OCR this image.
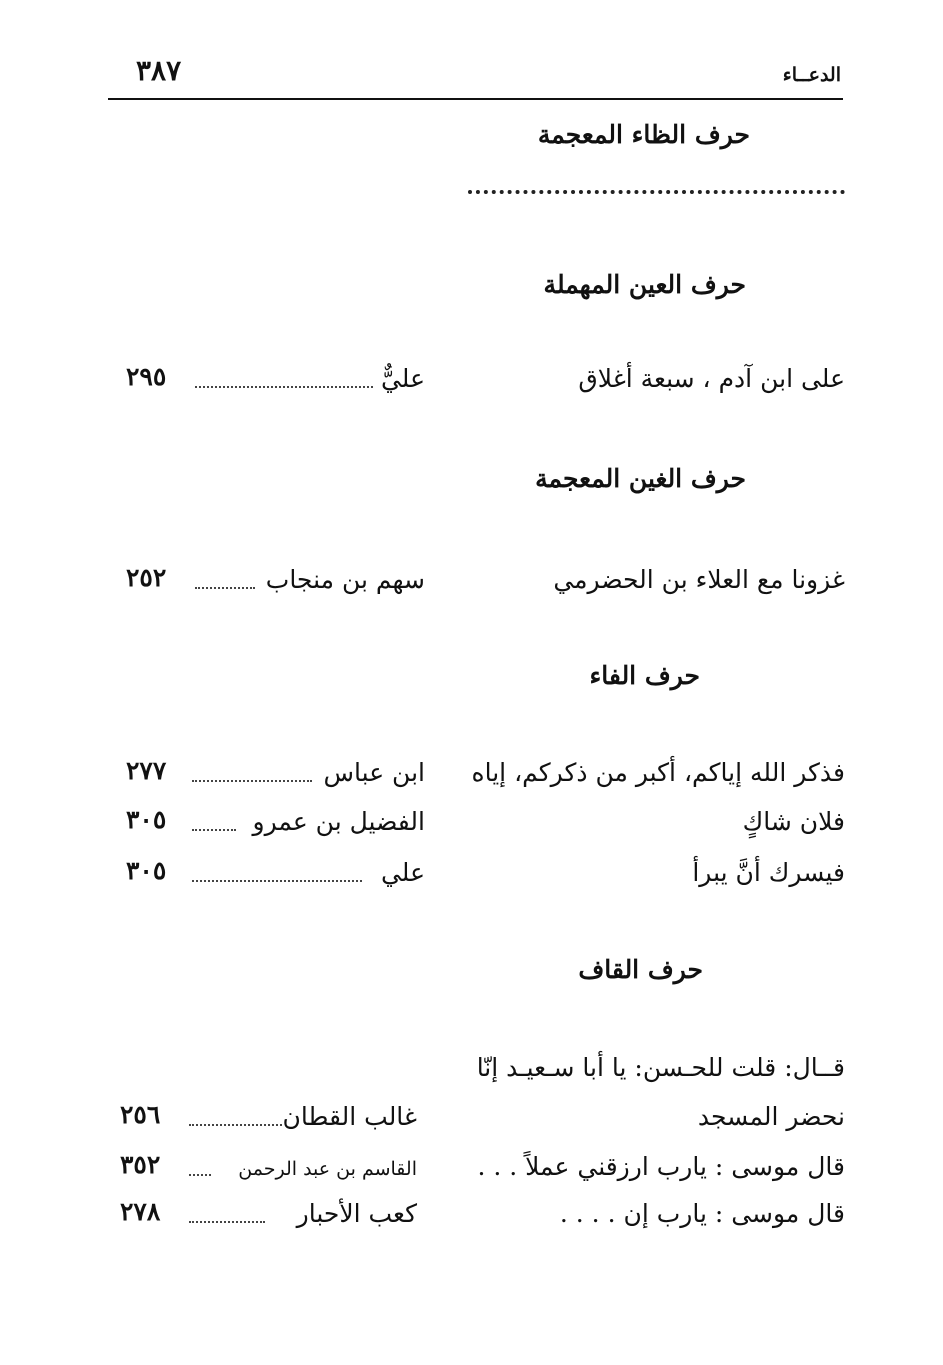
الدعــاء
٣٨٧
حرف الظاء المعجمة
حرف العين المهملة
على ابن آدم ، سبعة أغلاق
عليٌّ
٢٩٥
حرف الغين المعجمة
غزونا مع العلاء بن الحضرمي
سهم بن منجاب
٢٥٢
حرف الفاء
فذكر الله إياكم، أكبر من ذكركم، إياه
ابن عباس
٢٧٧
فلان شاكٍ
الفضيل بن عمرو
٣٠٥
فيسرك أنَّ يبرأ
علي
٣٠٥
حرف القاف
قــال: قلت للحـسن: يا أبا سـعيـد إنّا
نحضر المسجد
غالب القطان
٢٥٦
قال موسى : يارب ارزقني عملاً . . .
القاسم بن عبد الرحمن
٣٥٢
قال موسى : يارب إن . . . .
كعب الأحبار
٢٧٨
